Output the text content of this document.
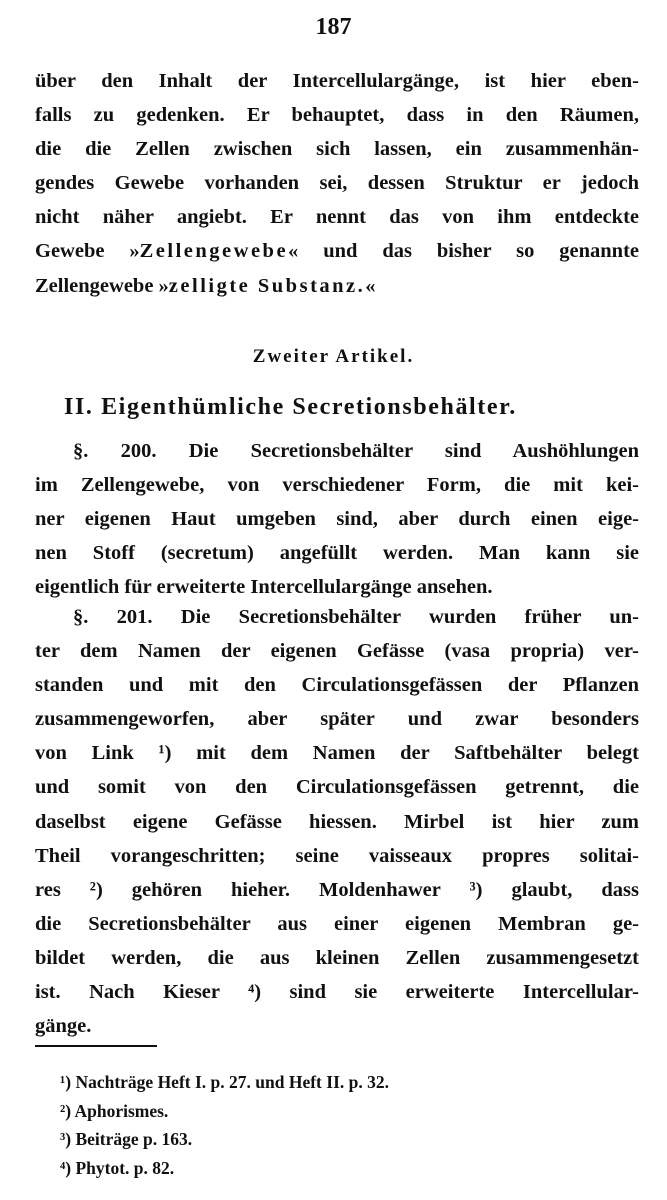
187
über den Inhalt der Intercellulargänge, ist hier eben-
falls zu gedenken. Er behauptet, dass in den Räumen,
die die Zellen zwischen sich lassen, ein zusammenhän-
gendes Gewebe vorhanden sei, dessen Struktur er jedoch
nicht näher angiebt. Er nennt das von ihm entdeckte
Gewebe »Zellengewebe« und das bisher so genannte
Zellengewebe »zelligte Substanz.«
Zweiter Artikel.
II. Eigenthümliche Secretionsbehälter.
§. 200. Die Secretionsbehälter sind Aushöhlungen
im Zellengewebe, von verschiedener Form, die mit kei-
ner eigenen Haut umgeben sind, aber durch einen eige-
nen Stoff (secretum) angefüllt werden. Man kann sie
eigentlich für erweiterte Intercellulargänge ansehen.
§. 201. Die Secretionsbehälter wurden früher un-
ter dem Namen der eigenen Gefässe (vasa propria) ver-
standen und mit den Circulationsgefässen der Pflanzen
zusammengeworfen, aber später und zwar besonders
von Link ¹) mit dem Namen der Saftbehälter belegt
und somit von den Circulationsgefässen getrennt, die
daselbst eigene Gefässe hiessen. Mirbel ist hier zum
Theil vorangeschritten; seine vaisseaux propres solitai-
res ²) gehören hieher. Moldenhawer ³) glaubt, dass
die Secretionsbehälter aus einer eigenen Membran ge-
bildet werden, die aus kleinen Zellen zusammengesetzt
ist. Nach Kieser ⁴) sind sie erweiterte Intercellular-
gänge.
¹) Nachträge Heft I. p. 27. und Heft II. p. 32.
²) Aphorismes.
³) Beiträge p. 163.
⁴) Phytot. p. 82.
